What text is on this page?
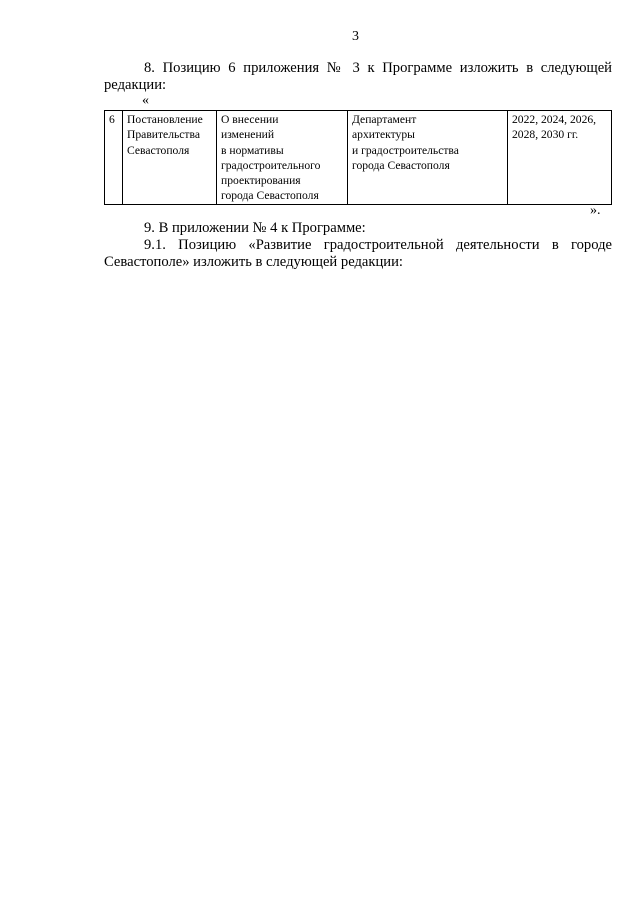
3
8. Позицию 6 приложения № 3 к Программе изложить в следующей
редакции:
«
6	Постановление
Правительства
Севастополя

О внесении
изменений
в нормативы
градостроительного
проектирования
города Севастополя

Департамент
архитектуры
и градостроительства
города Севастополя

2022, 2024, 2026,
2028, 2030 гг.
».
9. В приложении № 4 к Программе:
9.1. Позицию «Развитие градостроительной деятельности в городе
Севастополе» изложить в следующей редакции:
